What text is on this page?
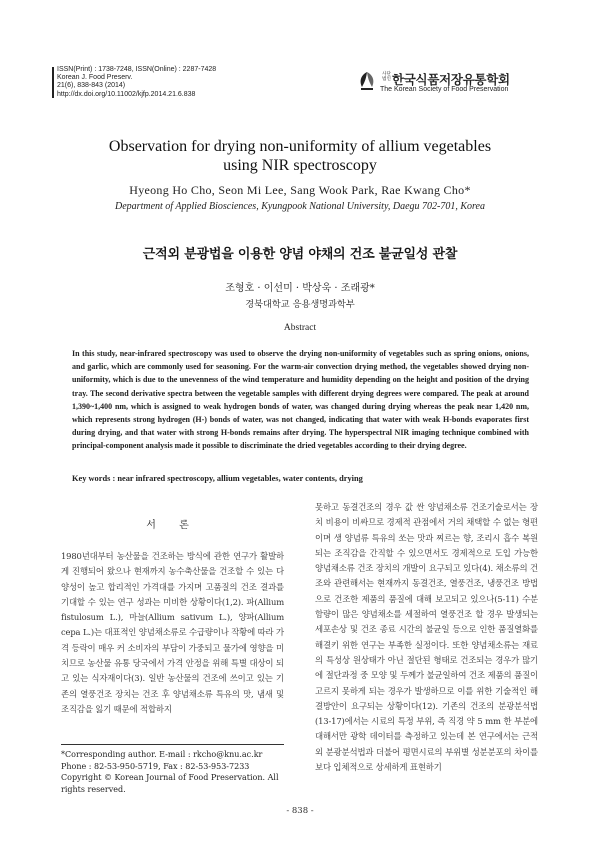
ISSN(Print) : 1738-7248, ISSN(Online) : 2287-7428
Korean J. Food Preserv.
21(6), 838-843 (2014)
http://dx.doi.org/10.11002/kjfp.2014.21.6.838
사단법인 한국식품저장유통학회
The Korean Society of Food Preservation
Observation for drying non-uniformity of allium vegetables
using NIR spectroscopy
Hyeong Ho Cho, Seon Mi Lee, Sang Wook Park, Rae Kwang Cho*
Department of Applied Biosciences, Kyungpook National University, Daegu 702-701, Korea
근적외 분광법을 이용한 양념 야채의 건조 불균일성 관찰
조형호 · 이선미 · 박상욱 · 조래광*
경북대학교 응용생명과학부
Abstract
In this study, near-infrared spectroscopy was used to observe the drying non-uniformity of vegetables such as spring onions, onions, and garlic, which are commonly used for seasoning. For the warm-air convection drying method, the vegetables showed drying non-uniformity, which is due to the unevenness of the wind temperature and humidity depending on the height and position of the drying tray. The second derivative spectra between the vegetable samples with different drying degrees were compared. The peak at around 1,390~1,400 nm, which is assigned to weak hydrogen bonds of water, was changed during drying whereas the peak near 1,420 nm, which represents strong hydrogen (H-) bonds of water, was not changed, indicating that water with weak H-bonds evaporates first during drying, and that water with strong H-bonds remains after drying. The hyperspectral NIR imaging technique combined with principal-component analysis made it possible to discriminate the dried vegetables according to their drying degree.
Key words : near infrared spectroscopy, allium vegetables, water contents, drying
서 론
1980년대부터 농산물을 건조하는 방식에 관한 연구가 활발하게 진행되어 왔으나 현재까지 농수축산물을 건조할 수 있는 다양성이 높고 합리적인 가격대를 가지며 고품질의 건조 결과를 기대할 수 있는 연구 성과는 미비한 상황이다(1,2). 파(Allium fistulosum L.), 마늘(Allium sativum L.), 양파(Allium cepa L.)는 대표적인 양념채소류로 수급량이나 작황에 따라 가격 등락이 매우 커 소비자의 부담이 가중되고 물가에 영향을 미치므로 농산물 유통 당국에서 가격 안정을 위해 특별 대상이 되고 있는 식자재이다(3). 일반 농산물의 건조에 쓰이고 있는 기존의 열풍건조 장치는 건조 후 양념채소류 특유의 맛, 냄새 및 조직감을 잃기 때문에 적합하지
못하고 동결건조의 경우 값 싼 양념채소류 건조기술로서는 장치 비용이 비싸므로 경제적 관점에서 거의 채택할 수 없는 형편이며 생 양념류 특유의 쏘는 맛과 찌르는 향, 조리시 흡수 복원되는 조직감을 간직할 수 있으면서도 경제적으로 도입 가능한 양념채소류 건조 장치의 개발이 요구되고 있다(4). 채소류의 건조와 관련해서는 현재까지 동결건조, 열풍건조, 냉풍건조 방법으로 건조한 제품의 품질에 대해 보고되고 있으나(5-11) 수분 함량이 많은 양념채소를 세절하여 열풍건조 할 경우 발생되는 세포손상 및 건조 종료 시간의 불균일 등으로 인한 품질열화를 해결키 위한 연구는 부족한 실정이다. 또한 양념채소류는 재료의 특성상 원상태가 아닌 절단된 형태로 건조되는 경우가 많기에 절단과정 중 모양 및 두께가 불균일하여 건조 제품의 품질이 고르지 못하게 되는 경우가 발생하므로 이를 위한 기술적인 해결방안이 요구되는 상황이다(12). 기존의 건조의 분광분석법(13-17)에서는 시료의 특정 부위, 즉 직경 약 5 mm 한 부분에 대해서만 광학 데이터를 측정하고 있는데 본 연구에서는 근적외 분광분석법과 더불어 평면시료의 부위별 성분분포의 차이를 보다 입체적으로 상세하게 표현하기
*Corresponding author. E-mail : rkcho@knu.ac.kr
Phone : 82-53-950-5719, Fax : 82-53-953-7233
Copyright © Korean Journal of Food Preservation. All rights reserved.
- 838 -
